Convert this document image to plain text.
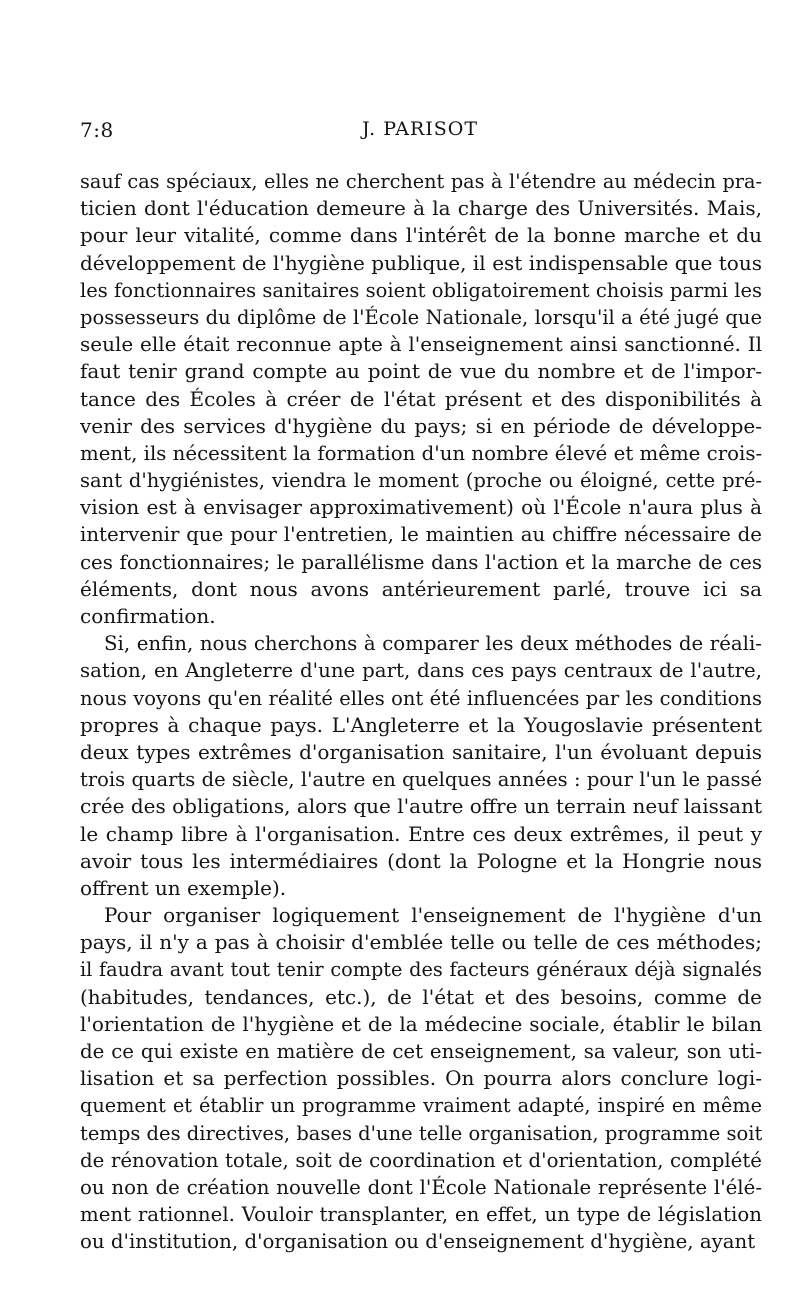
7:8	J. PARISOT
sauf cas spéciaux, elles ne cherchent pas à l'étendre au médecin pra-
ticien dont l'éducation demeure à la charge des Universités. Mais,
pour leur vitalité, comme dans l'intérêt de la bonne marche et du
développement de l'hygiène publique, il est indispensable que tous
les fonctionnaires sanitaires soient obligatoirement choisis parmi les
possesseurs du diplôme de l'École Nationale, lorsqu'il a été jugé que
seule elle était reconnue apte à l'enseignement ainsi sanctionné. Il
faut tenir grand compte au point de vue du nombre et de l'impor-
tance des Écoles à créer de l'état présent et des disponibilités à
venir des services d'hygiène du pays; si en période de développe-
ment, ils nécessitent la formation d'un nombre élevé et même crois-
sant d'hygiénistes, viendra le moment (proche ou éloigné, cette pré-
vision est à envisager approximativement) où l'École n'aura plus à
intervenir que pour l'entretien, le maintien au chiffre nécessaire de
ces fonctionnaires; le parallélisme dans l'action et la marche de ces
éléments, dont nous avons antérieurement parlé, trouve ici sa
confirmation.
Si, enfin, nous cherchons à comparer les deux méthodes de réali-
sation, en Angleterre d'une part, dans ces pays centraux de l'autre,
nous voyons qu'en réalité elles ont été influencées par les conditions
propres à chaque pays. L'Angleterre et la Yougoslavie présentent
deux types extrêmes d'organisation sanitaire, l'un évoluant depuis
trois quarts de siècle, l'autre en quelques années : pour l'un le passé
crée des obligations, alors que l'autre offre un terrain neuf laissant
le champ libre à l'organisation. Entre ces deux extrêmes, il peut y
avoir tous les intermédiaires (dont la Pologne et la Hongrie nous
offrent un exemple).
Pour organiser logiquement l'enseignement de l'hygiène d'un
pays, il n'y a pas à choisir d'emblée telle ou telle de ces méthodes;
il faudra avant tout tenir compte des facteurs généraux déjà signalés
(habitudes, tendances, etc.), de l'état et des besoins, comme de
l'orientation de l'hygiène et de la médecine sociale, établir le bilan
de ce qui existe en matière de cet enseignement, sa valeur, son uti-
lisation et sa perfection possibles. On pourra alors conclure logi-
quement et établir un programme vraiment adapté, inspiré en même
temps des directives, bases d'une telle organisation, programme soit
de rénovation totale, soit de coordination et d'orientation, complété
ou non de création nouvelle dont l'École Nationale représente l'élé-
ment rationnel. Vouloir transplanter, en effet, un type de législation
ou d'institution, d'organisation ou d'enseignement d'hygiène, ayant
